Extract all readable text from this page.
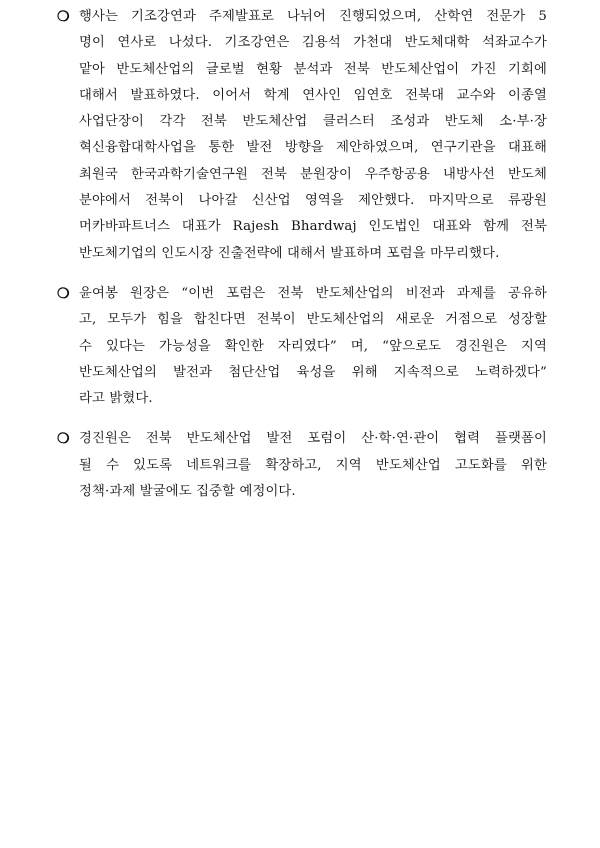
❍ 행사는 기조강연과 주제발표로 나뉘어 진행되었으며, 산학연 전문가 5
명이 연사로 나섰다. 기조강연은 김용석 가천대 반도체대학 석좌교수가
맡아 반도체산업의 글로벌 현황 분석과 전북 반도체산업이 가진 기회에
대해서 발표하였다. 이어서 학계 연사인 임연호 전북대 교수와 이종열
사업단장이 각각 전북 반도체산업 클러스터 조성과 반도체 소·부·장
혁신융합대학사업을 통한 발전 방향을 제안하였으며, 연구기관을 대표해
최원국 한국과학기술연구원 전북 분원장이 우주항공용 내방사선 반도체
분야에서 전북이 나아갈 신산업 영역을 제안했다. 마지막으로 류광원
머카바파트너스 대표가 Rajesh Bhardwaj 인도법인 대표와 함께 전북
반도체기업의 인도시장 진출전략에 대해서 발표하며 포럼을 마무리했다.
❍ 윤여봉 원장은 “이번 포럼은 전북 반도체산업의 비전과 과제를 공유하
고, 모두가 힘을 합친다면 전북이 반도체산업의 새로운 거점으로 성장할
수 있다는 가능성을 확인한 자리였다” 며, “앞으로도 경진원은 지역
반도체산업의 발전과 첨단산업 육성을 위해 지속적으로 노력하겠다”
라고 밝혔다.
❍ 경진원은 전북 반도체산업 발전 포럼이 산·학·연·관이 협력 플랫폼이
될 수 있도록 네트워크를 확장하고, 지역 반도체산업 고도화를 위한
정책·과제 발굴에도 집중할 예정이다.
